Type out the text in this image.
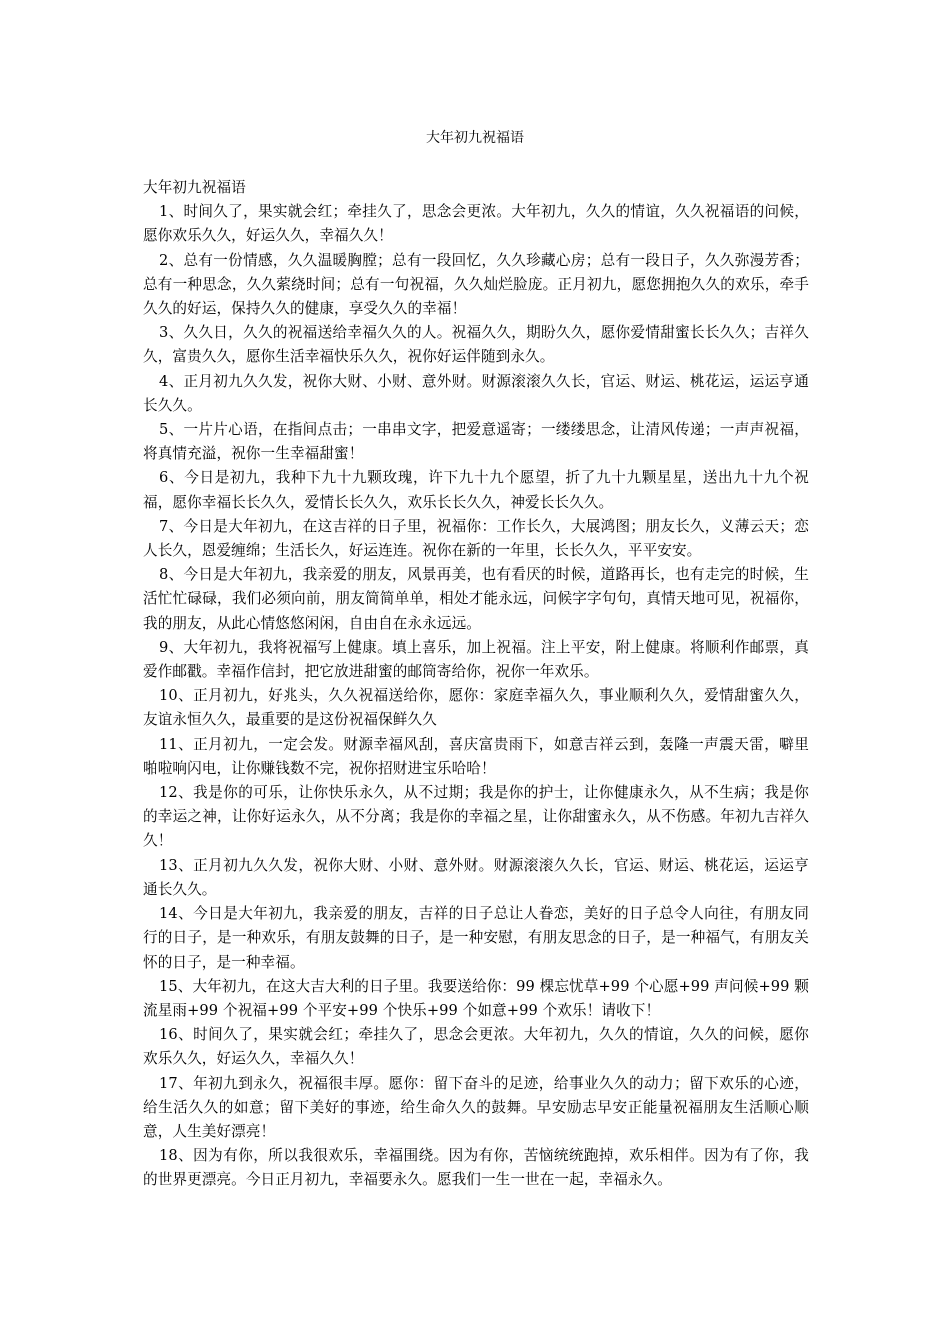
大年初九祝福语

大年初九祝福语

1、时间久了，果实就会红；牵挂久了，思念会更浓。大年初九，久久的情谊，久久祝福语的问候，愿你欢乐久久，好运久久，幸福久久！

2、总有一份情感，久久温暖胸膛；总有一段回忆，久久珍藏心房；总有一段日子，久久弥漫芳香；总有一种思念，久久萦绕时间；总有一句祝福，久久灿烂脸庞。正月初九，愿您拥抱久久的欢乐，牵手久久的好运，保持久久的健康，享受久久的幸福！

3、久久日，久久的祝福送给幸福久久的人。祝福久久，期盼久久，愿你爱情甜蜜长长久久；吉祥久久，富贵久久，愿你生活幸福快乐久久，祝你好运伴随到永久。

4、正月初九久久发，祝你大财、小财、意外财。财源滚滚久久长，官运、财运、桃花运，运运亨通长久久。

5、一片片心语，在指间点击；一串串文字，把爱意遥寄；一缕缕思念，让清风传递；一声声祝福，将真情充溢，祝你一生幸福甜蜜！

6、今日是初九，我种下九十九颗玫瑰，许下九十九个愿望，折了九十九颗星星，送出九十九个祝福，愿你幸福长长久久，爱情长长久久，欢乐长长久久，神爱长长久久。

7、今日是大年初九，在这吉祥的日子里，祝福你：工作长久，大展鸿图；朋友长久，义薄云天；恋人长久，恩爱缠绵；生活长久，好运连连。祝你在新的一年里，长长久久，平平安安。

8、今日是大年初九，我亲爱的朋友，风景再美，也有看厌的时候，道路再长，也有走完的时候，生活忙忙碌碌，我们必须向前，朋友简简单单，相处才能永远，问候字字句句，真情天地可见，祝福你，我的朋友，从此心情悠悠闲闲，自由自在永永远远。

9、大年初九，我将祝福写上健康。填上喜乐，加上祝福。注上平安，附上健康。将顺利作邮票，真爱作邮戳。幸福作信封，把它放进甜蜜的邮筒寄给你，祝你一年欢乐。

10、正月初九，好兆头，久久祝福送给你，愿你：家庭幸福久久，事业顺利久久，爱情甜蜜久久，友谊永恒久久，最重要的是这份祝福保鲜久久

11、正月初九，一定会发。财源幸福风刮，喜庆富贵雨下，如意吉祥云到，轰隆一声震天雷，噼里啪啦响闪电，让你赚钱数不完，祝你招财进宝乐哈哈！

12、我是你的可乐，让你快乐永久，从不过期；我是你的护士，让你健康永久，从不生病；我是你的幸运之神，让你好运永久，从不分离；我是你的幸福之星，让你甜蜜永久，从不伤感。年初九吉祥久久！

13、正月初九久久发，祝你大财、小财、意外财。财源滚滚久久长，官运、财运、桃花运，运运亨通长久久。

14、今日是大年初九，我亲爱的朋友，吉祥的日子总让人眷恋，美好的日子总令人向往，有朋友同行的日子，是一种欢乐，有朋友鼓舞的日子，是一种安慰，有朋友思念的日子，是一种福气，有朋友关怀的日子，是一种幸福。

15、大年初九，在这大吉大利的日子里。我要送给你：99 棵忘忧草+99 个心愿+99 声问候+99 颗流星雨+99 个祝福+99 个平安+99 个快乐+99 个如意+99 个欢乐！请收下！

16、时间久了，果实就会红；牵挂久了，思念会更浓。大年初九，久久的情谊，久久的问候，愿你欢乐久久，好运久久，幸福久久！

17、年初九到永久，祝福很丰厚。愿你：留下奋斗的足迹，给事业久久的动力；留下欢乐的心迹，给生活久久的如意；留下美好的事迹，给生命久久的鼓舞。早安励志早安正能量祝福朋友生活顺心顺意，人生美好漂亮！

18、因为有你，所以我很欢乐，幸福围绕。因为有你，苦恼统统跑掉，欢乐相伴。因为有了你，我的世界更漂亮。今日正月初九，幸福要永久。愿我们一生一世在一起，幸福永久。
